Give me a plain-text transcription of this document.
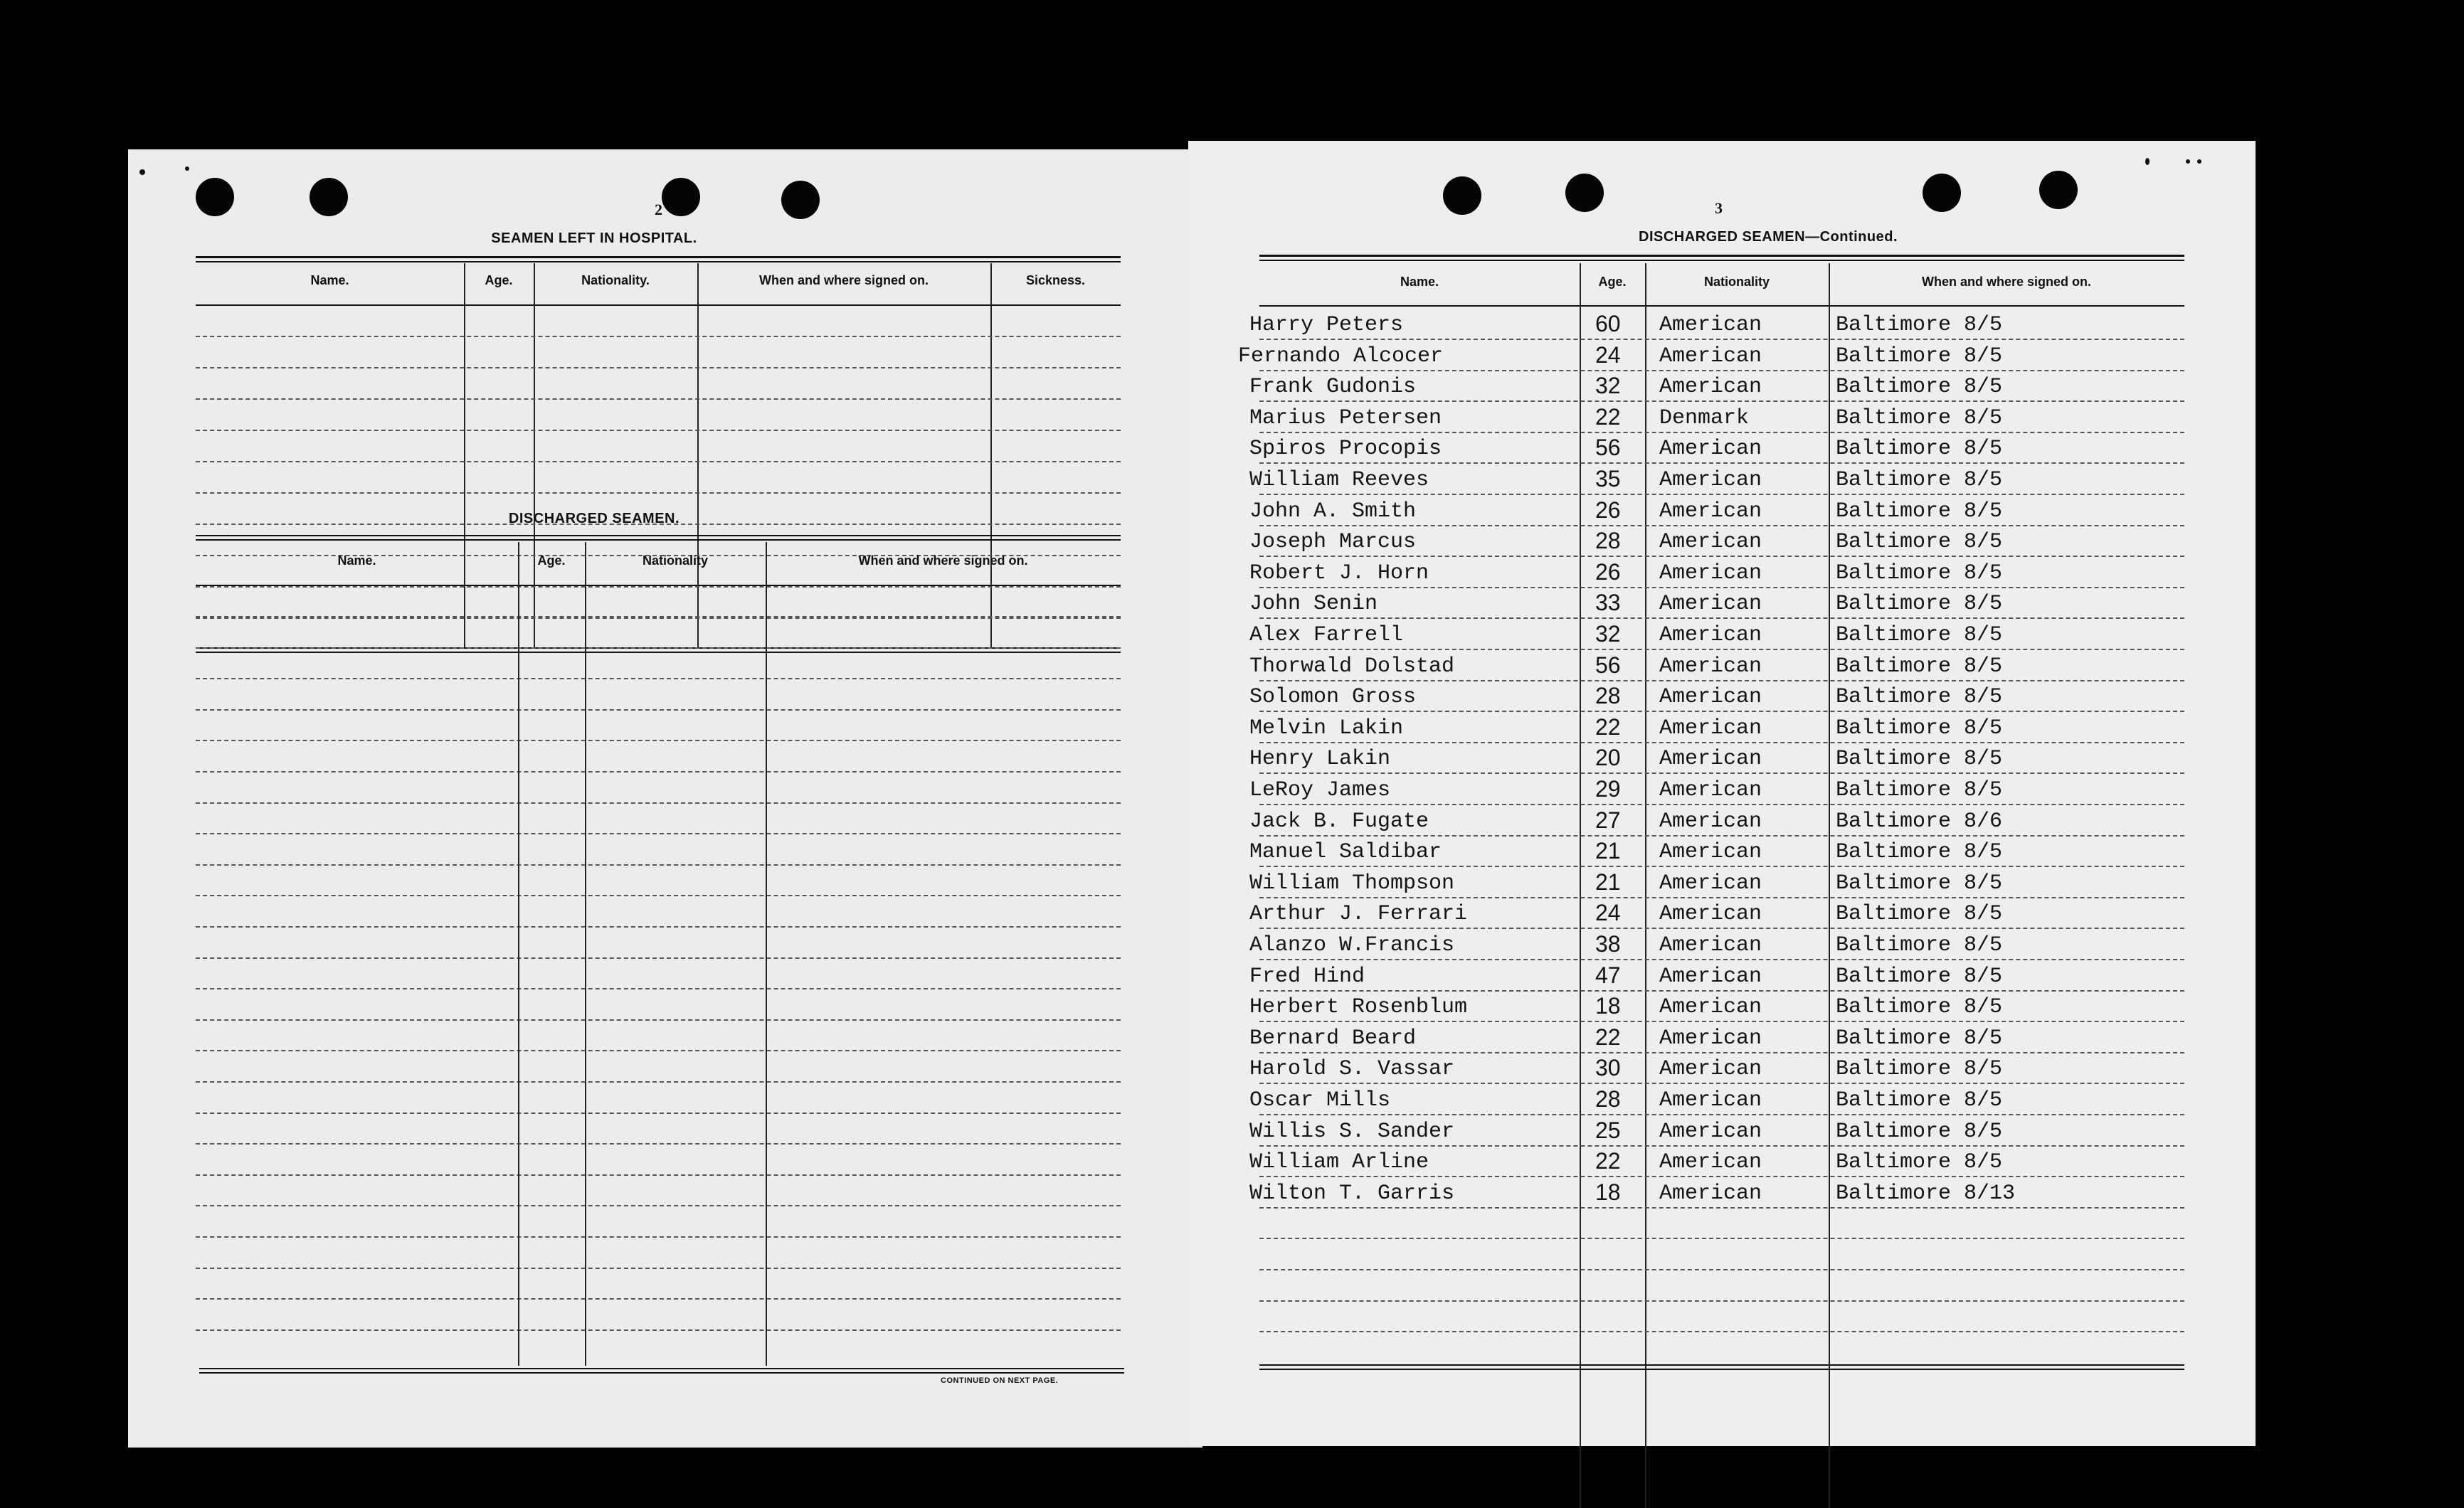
2
SEAMEN LEFT IN HOSPITAL.
Name.	Age.	Nationality.	When and where signed on.	Sickness.
DISCHARGED SEAMEN.
Name.	Age.	Nationality	When and where signed on.
CONTINUED ON NEXT PAGE.
3
DISCHARGED SEAMEN—Continued.
Name.	Age.	Nationality	When and where signed on.
Harry Peters	60 American	Baltimore 8/5
Fernando Alcocer	24 American	Baltimore 8/5
Frank Gudonis	32 American	Baltimore 8/5
Marius Petersen	22 Denmark	Baltimore 8/5
Spiros Procopis	56 American	Baltimore 8/5
William Reeves	35 American	Baltimore 8/5
John A. Smith	26 American	Baltimore 8/5
Joseph Marcus	28 American	Baltimore 8/5
Robert J. Horn	26 American	Baltimore 8/5
John Senin	33 American	Baltimore 8/5
Alex Farrell	32 American	Baltimore 8/5
Thorwald Dolstad	56 American	Baltimore 8/5
Solomon Gross	28 American	Baltimore 8/5
Melvin Lakin	22 American	Baltimore 8/5
Henry Lakin	20 American	Baltimore 8/5
LeRoy James	29 American	Baltimore 8/5
Jack B. Fugate	27 American	Baltimore 8/6
Manuel Saldibar	21 American	Baltimore 8/5
William Thompson	21 American	Baltimore 8/5
Arthur J. Ferrari	24 American	Baltimore 8/5
Alanzo W.Francis	38 American	Baltimore 8/5
Fred Hind	47 American	Baltimore 8/5
Herbert Rosenblum	18 American	Baltimore 8/5
Bernard Beard	22 American	Baltimore 8/5
Harold S. Vassar	30 American	Baltimore 8/5
Oscar Mills	28 American	Baltimore 8/5
Willis S. Sander	25 American	Baltimore 8/5
William Arline	22 American	Baltimore 8/5
Wilton T. Garris	18 American	Baltimore 8/13
